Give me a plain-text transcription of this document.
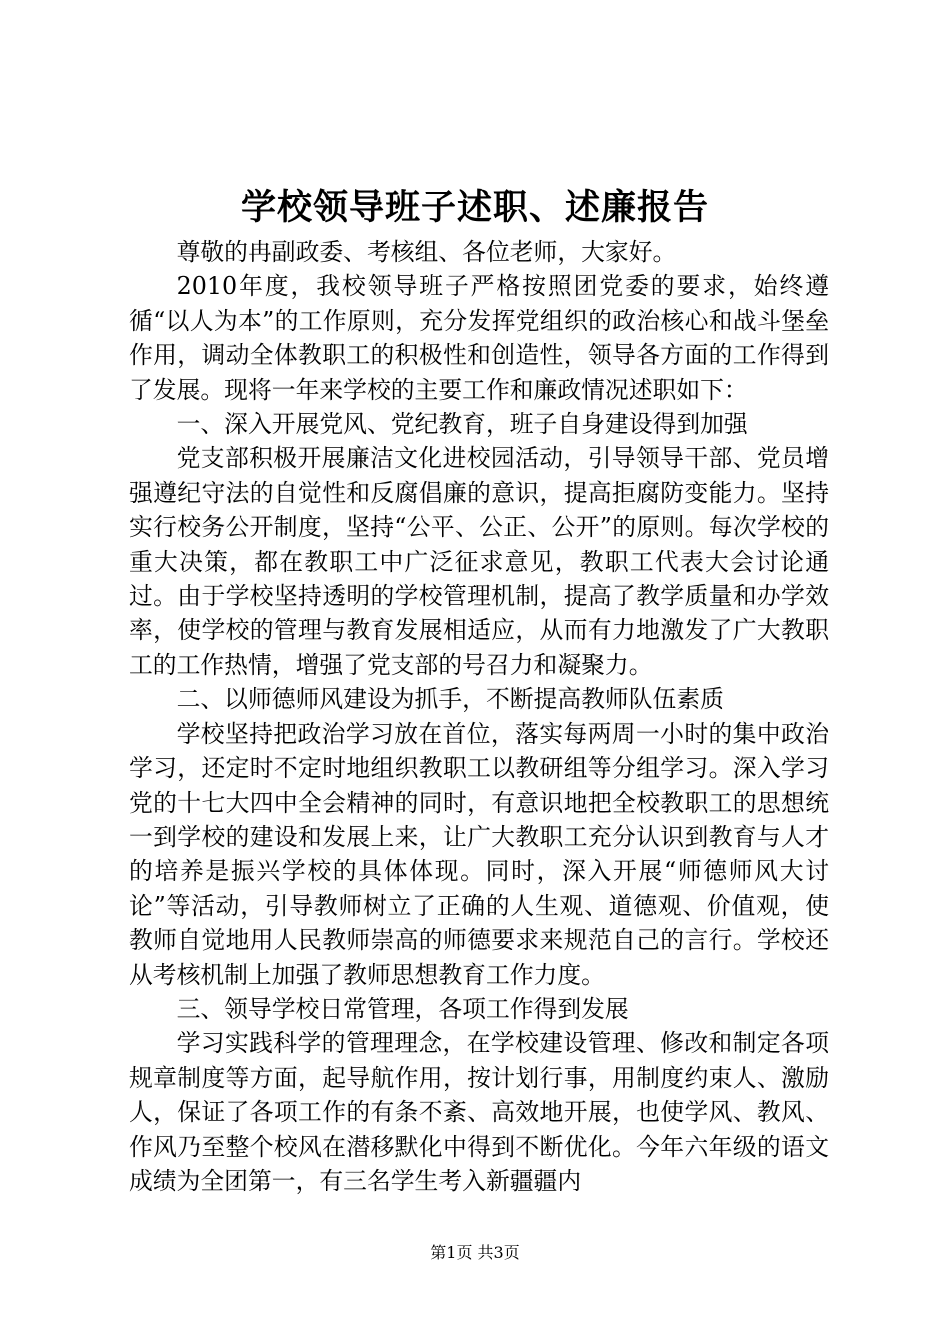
学校领导班子述职、述廉报告

尊敬的冉副政委、考核组、各位老师，大家好。

2010年度，我校领导班子严格按照团党委的要求，始终遵循“以人为本”的工作原则，充分发挥党组织的政治核心和战斗堡垒作用，调动全体教职工的积极性和创造性，领导各方面的工作得到了发展。现将一年来学校的主要工作和廉政情况述职如下：

一、深入开展党风、党纪教育，班子自身建设得到加强

党支部积极开展廉洁文化进校园活动，引导领导干部、党员增强遵纪守法的自觉性和反腐倡廉的意识，提高拒腐防变能力。坚持实行校务公开制度，坚持“公平、公正、公开”的原则。每次学校的重大决策，都在教职工中广泛征求意见，教职工代表大会讨论通过。由于学校坚持透明的学校管理机制，提高了教学质量和办学效率，使学校的管理与教育发展相适应，从而有力地激发了广大教职工的工作热情，增强了党支部的号召力和凝聚力。

二、以师德师风建设为抓手，不断提高教师队伍素质

学校坚持把政治学习放在首位，落实每两周一小时的集中政治学习，还定时不定时地组织教职工以教研组等分组学习。深入学习党的十七大四中全会精神的同时，有意识地把全校教职工的思想统一到学校的建设和发展上来，让广大教职工充分认识到教育与人才的培养是振兴学校的具体体现。同时，深入开展“师德师风大讨论”等活动，引导教师树立了正确的人生观、道德观、价值观，使教师自觉地用人民教师崇高的师德要求来规范自己的言行。学校还从考核机制上加强了教师思想教育工作力度。

三、领导学校日常管理，各项工作得到发展

学习实践科学的管理理念，在学校建设管理、修改和制定各项规章制度等方面，起导航作用，按计划行事，用制度约束人、激励人，保证了各项工作的有条不紊、高效地开展，也使学风、教风、作风乃至整个校风在潜移默化中得到不断优化。今年六年级的语文成绩为全团第一，有三名学生考入新疆疆内

第1页 共3页
